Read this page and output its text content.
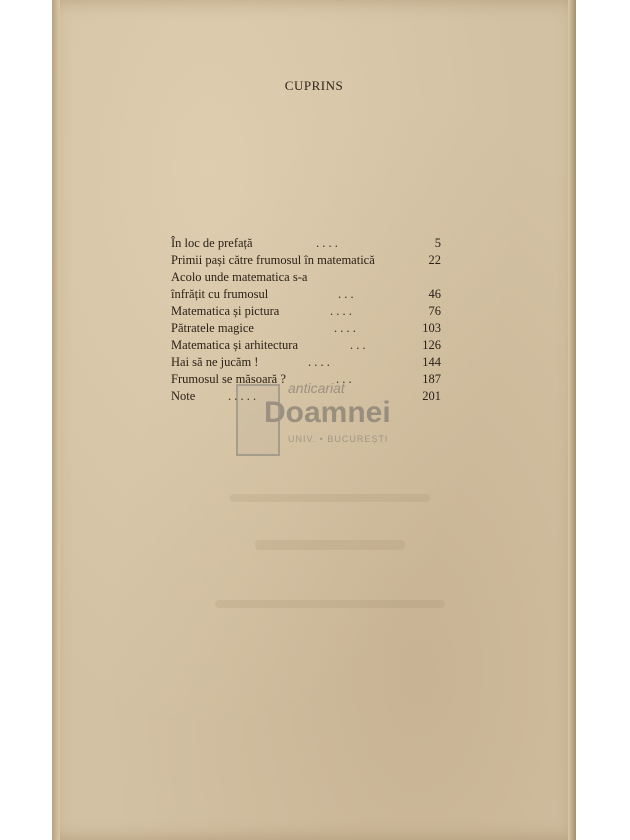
CUPRINS
În loc de prefață	. . . .	5
Primii pași către frumosul în matematică	22
Acolo unde matematica s-a
înfrățit cu frumosul	. . .	46
Matematica și pictura	. . . .	76
Pătratele magice	. . . .	103
Matematica și arhitectura	. . .	126
Hai să ne jucăm !	. . . .	144
Frumosul se măsoară ?	. . .	187
Note	. . . . .	201
anticariat
Doamnei
UNIV. • BUCUREȘTI
